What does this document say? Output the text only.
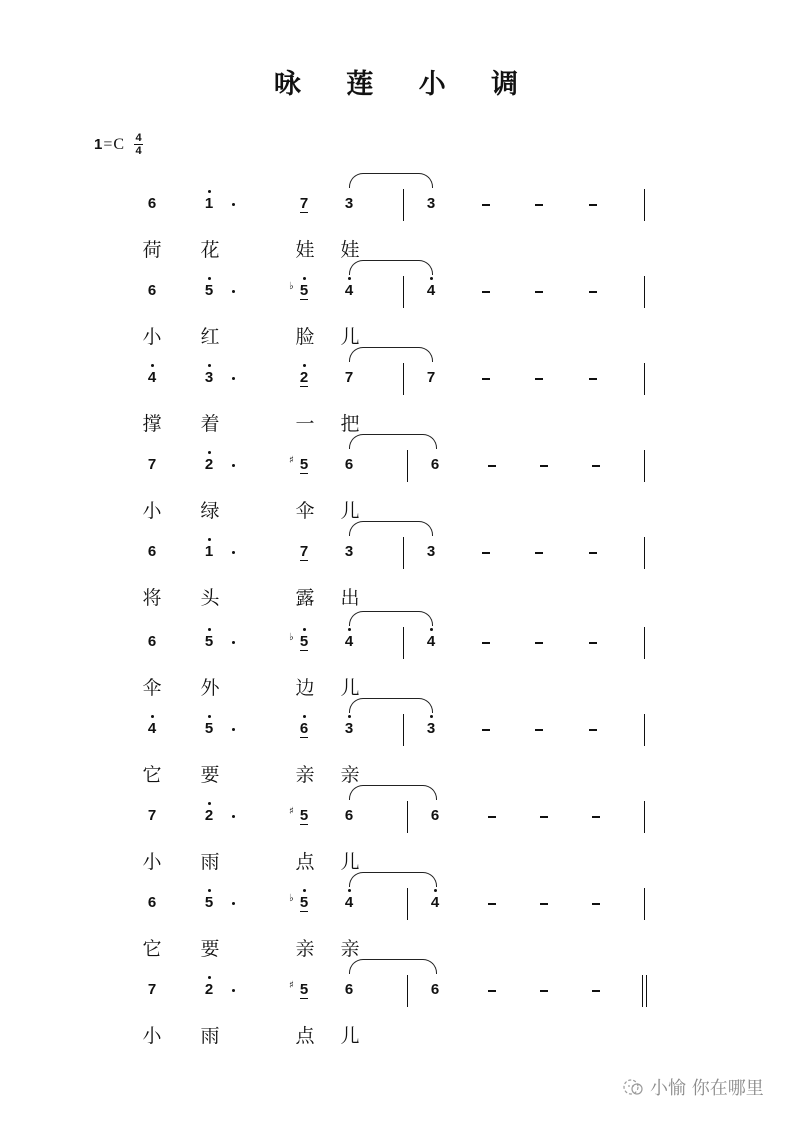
咏 莲 小 调
1 = C 4
4
6	1	7 3	3
荷 花	娃 娃
6	5	♭ 5 4	4
小 红	脸 儿
4	3	2 7	7
撑 着	一 把
7	2	♯ 5 6	6
小 绿	伞 儿
6	1	7 3	3
将 头	露 出
6	5	♭ 5 4	4
伞 外	边 儿
4	5	6 3	3
它 要	亲 亲
7	2	♯ 5 6	6
小 雨	点 儿
6	5	♭ 5 4	4
它 要	亲 亲
7	2	♯ 5 6	6
小 雨	点 儿
小愉 你在哪里
